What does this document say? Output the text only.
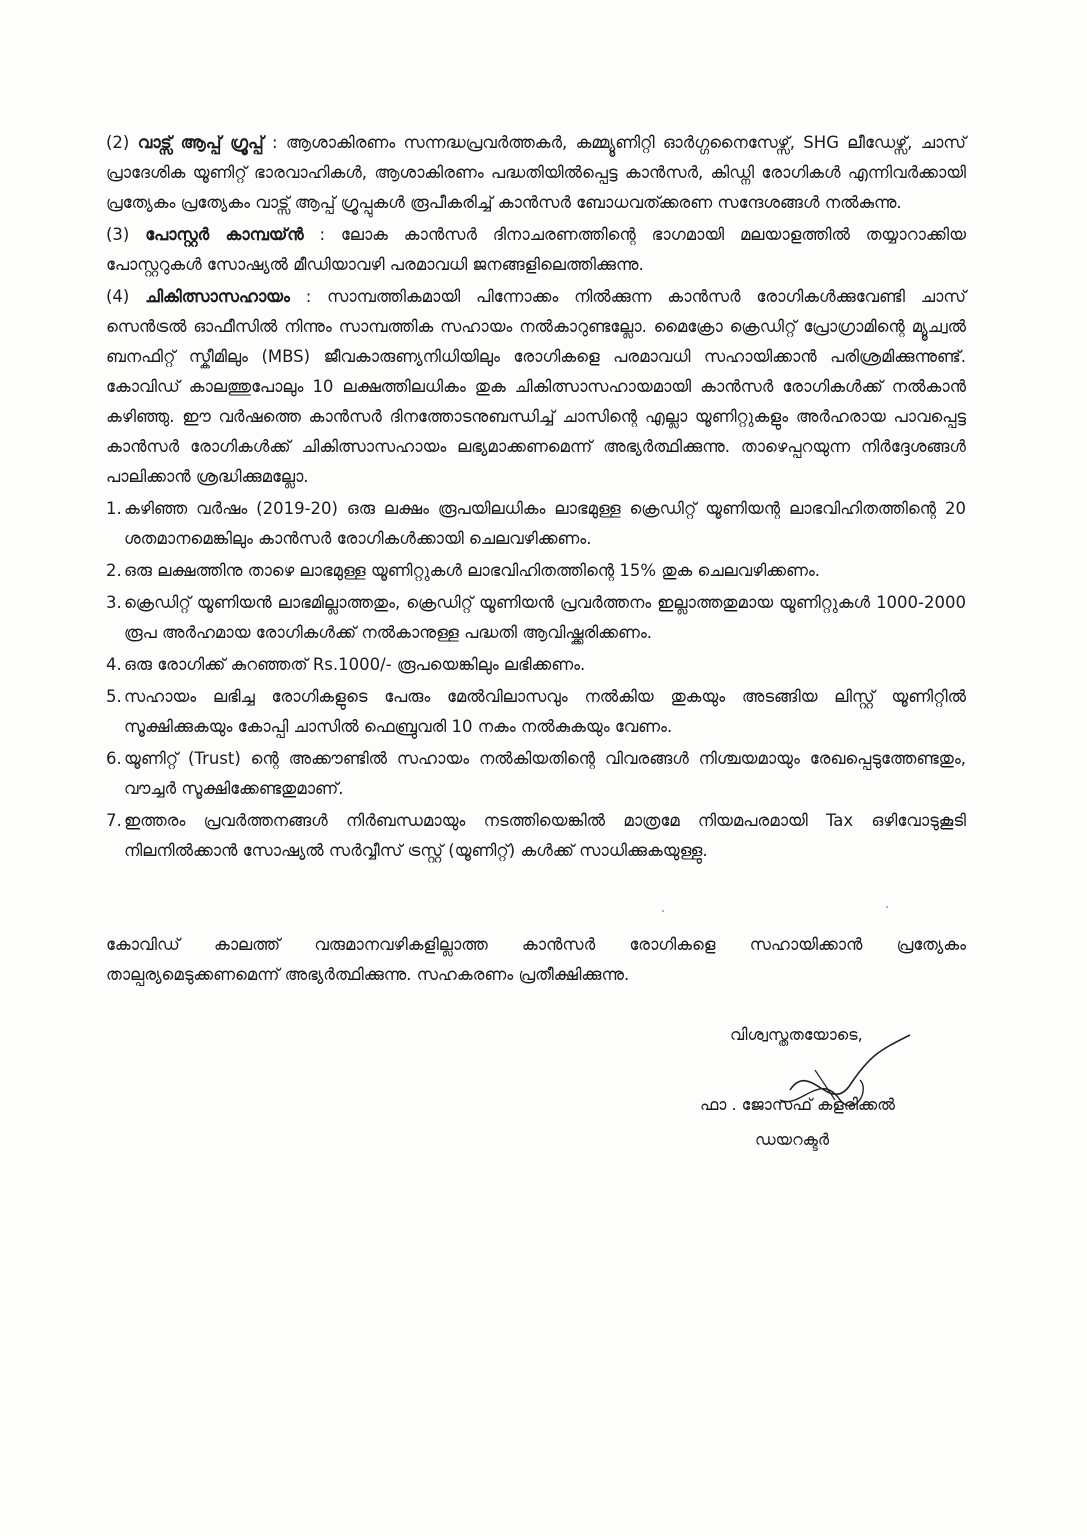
(2) വാട്സ് ആപ്പ് ഗ്രൂപ്പ് : ആശാകിരണം സന്നദ്ധപ്രവർത്തകർ, കമ്മ്യൂണിറ്റി ഓർഗ്ഗനൈസേഴ്സ്, SHG ലീഡേഴ്സ്, ചാസ് പ്രാദേശിക യൂണിറ്റ് ഭാരവാഹികൾ, ആശാകിരണം പദ്ധതിയിൽപ്പെട്ട കാൻസർ, കിഡ്നി രോഗികൾ എന്നിവർക്കായി പ്രത്യേകം പ്രത്യേകം വാട്സ് ആപ്പ് ഗ്രൂപ്പുകൾ രൂപീകരിച്ച് കാൻസർ ബോധവത്ക്കരണ സന്ദേശങ്ങൾ നൽകുന്നു.

(3) പോസ്റ്റർ കാമ്പയ്ൻ : ലോക കാൻസർ ദിനാചരണത്തിന്റെ ഭാഗമായി മലയാളത്തിൽ തയ്യാറാക്കിയ പോസ്റ്ററുകൾ സോഷ്യൽ മീഡിയാവഴി പരമാവധി ജനങ്ങളിലെത്തിക്കുന്നു.

(4) ചികിത്സാസഹായം : സാമ്പത്തികമായി പിന്നോക്കം നിൽക്കുന്ന കാൻസർ രോഗികൾക്കുവേണ്ടി ചാസ് സെൻട്രൽ ഓഫീസിൽ നിന്നും സാമ്പത്തിക സഹായം നൽകാറുണ്ടല്ലോ. മൈക്രോ ക്രെഡിറ്റ് പ്രോഗ്രാമിന്റെ മ്യൂച്വൽ ബനഫിറ്റ് സ്കീമിലും (MBS) ജീവകാരുണ്യനിധിയിലും രോഗികളെ പരമാവധി സഹായിക്കാൻ പരിശ്രമിക്കുന്നുണ്ട്. കോവിഡ് കാലത്തുപോലും 10 ലക്ഷത്തിലധികം തുക ചികിത്സാസഹായമായി കാൻസർ രോഗികൾക്ക് നൽകാൻ കഴിഞ്ഞു. ഈ വർഷത്തെ കാൻസർ ദിനത്തോടനുബന്ധിച്ച് ചാസിന്റെ എല്ലാ യൂണിറ്റുകളും അർഹരായ പാവപ്പെട്ട കാൻസർ രോഗികൾക്ക് ചികിത്സാസഹായം ലഭ്യമാക്കണമെന്ന് അഭ്യർത്ഥിക്കുന്നു. താഴെപ്പറയുന്ന നിർദ്ദേശങ്ങൾ പാലിക്കാൻ ശ്രദ്ധിക്കുമല്ലോ.

1. കഴിഞ്ഞ വർഷം (2019-20) ഒരു ലക്ഷം രൂപയിലധികം ലാഭമുള്ള ക്രെഡിറ്റ് യൂണിയന്റ ലാഭവിഹിതത്തിന്റെ 20 ശതമാനമെങ്കിലും കാൻസർ രോഗികൾക്കായി ചെലവഴിക്കണം.
2. ഒരു ലക്ഷത്തിനു താഴെ ലാഭമുള്ള യൂണിറ്റുകൾ ലാഭവിഹിതത്തിന്റെ 15% തുക ചെലവഴിക്കണം.
3. ക്രെഡിറ്റ് യൂണിയൻ ലാഭമില്ലാത്തതും, ക്രെഡിറ്റ് യൂണിയൻ പ്രവർത്തനം ഇല്ലാത്തതുമായ യൂണിറ്റുകൾ 1000-2000 രൂപ അർഹമായ രോഗികൾക്ക് നൽകാനുള്ള പദ്ധതി ആവിഷ്ക്കരിക്കണം.
4. ഒരു രോഗിക്ക് കുറഞ്ഞത് Rs.1000/- രൂപയെങ്കിലും ലഭിക്കണം.
5. സഹായം ലഭിച്ച രോഗികളുടെ പേരും മേൽവിലാസവും നൽകിയ തുകയും അടങ്ങിയ ലിസ്റ്റ് യൂണിറ്റിൽ സൂക്ഷിക്കുകയും കോപ്പി ചാസിൽ ഫെബ്രുവരി 10 നകം നൽകുകയും വേണം.
6. യൂണിറ്റ് (Trust) ന്റെ അക്കൗണ്ടിൽ സഹായം നൽകിയതിന്റെ വിവരങ്ങൾ നിശ്ചയമായും രേഖപ്പെടുത്തേണ്ടതും, വൗച്ചർ സൂക്ഷിക്കേണ്ടതുമാണ്.
7. ഇത്തരം പ്രവർത്തനങ്ങൾ നിർബന്ധമായും നടത്തിയെങ്കിൽ മാത്രമേ നിയമപരമായി Tax ഒഴിവോടുകൂടി നിലനിൽക്കാൻ സോഷ്യൽ സർവ്വീസ് ട്രസ്റ്റ് (യൂണിറ്റ്) കൾക്ക് സാധിക്കുകയുള്ളു.
കോവിഡ് കാലത്ത് വരുമാനവഴികളില്ലാത്ത കാൻസർ രോഗികളെ സഹായിക്കാൻ പ്രത്യേകം താല്പര്യമെടുക്കണമെന്ന് അഭ്യർത്ഥിക്കുന്നു. സഹകരണം പ്രതീക്ഷിക്കുന്നു.
വിശ്വസ്തതയോടെ,
ഫാ . ജോസഫ് കളരിക്കൽ
ഡയറക്ടർ
